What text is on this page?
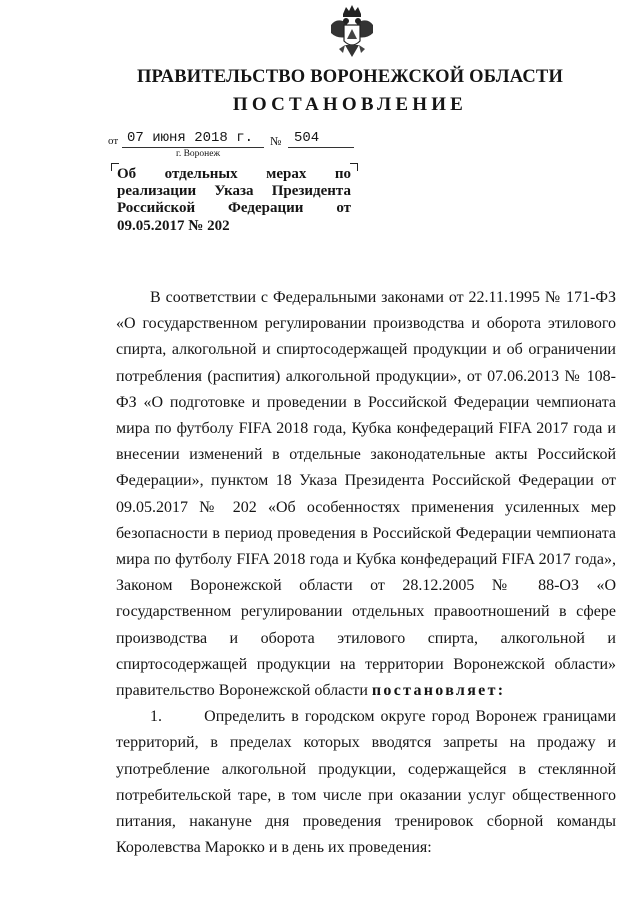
ПРАВИТЕЛЬСТВО ВОРОНЕЖСКОЙ ОБЛАСТИ
ПОСТАНОВЛЕНИЕ
от 07 июня 2018 г. № 504
г. Воронеж
Об отдельных мерах по
реализации Указа Президента
Российской Федерации от
09.05.2017 № 202

В соответствии с Федеральными законами от 22.11.1995 № 171-ФЗ «О государственном регулировании производства и оборота этилового спирта, алкогольной и спиртосодержащей продукции и об ограничении потребления (распития) алкогольной продукции», от 07.06.2013 № 108-ФЗ «О подготовке и проведении в Российской Федерации чемпионата мира по футболу FIFA 2018 года, Кубка конфедераций FIFA 2017 года и внесении изменений в отдельные законодательные акты Российской Федерации», пунктом 18 Указа Президента Российской Федерации от 09.05.2017 № 202 «Об особенностях применения усиленных мер безопасности в период проведения в Российской Федерации чемпионата мира по футболу FIFA 2018 года и Кубка конфедераций FIFA 2017 года», Законом Воронежской области от 28.12.2005 № 88-ОЗ «О государственном регулировании отдельных правоотношений в сфере производства и оборота этилового спирта, алкогольной и спиртосодержащей продукции на территории Воронежской области»

правительство Воронежской области постановляет:

1.	Определить в городском округе город Воронеж границами территорий, в пределах которых вводятся запреты на продажу и употребление алкогольной продукции, содержащейся в стеклянной потребительской таре, в том числе при оказании услуг общественного питания, накануне дня проведения тренировок сборной команды Королевства Марокко и в день их проведения:
